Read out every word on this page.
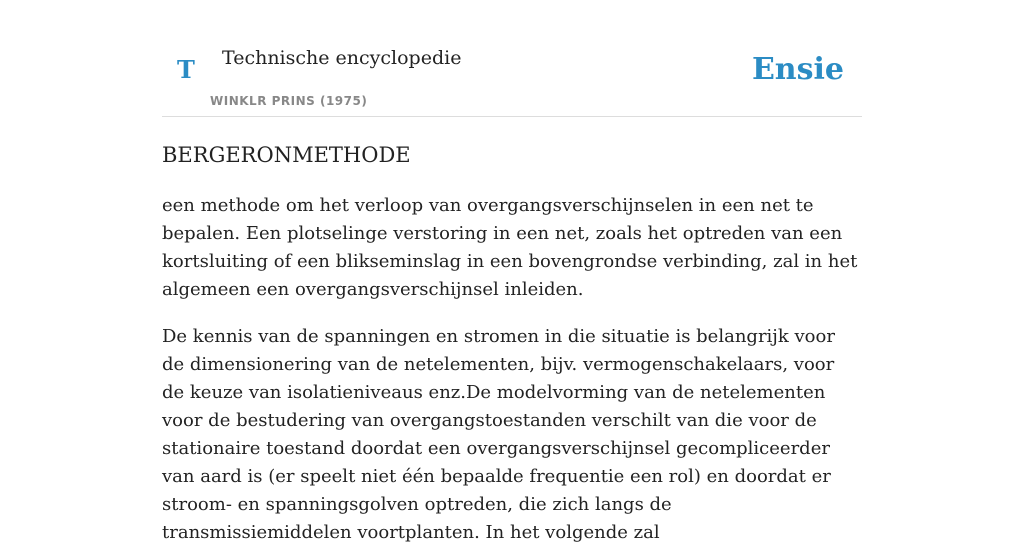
T Technische encyclopedie
WINKLR PRINS (1975)
Ensie
BERGERONMETHODE

een methode om het verloop van overgangsverschijnselen in een net te bepalen. Een plotselinge verstoring in een net, zoals het optreden van een kortsluiting of een blikseminslag in een bovengrondse verbinding, zal in het algemeen een overgangsverschijnsel inleiden.

De kennis van de spanningen en stromen in die situatie is belangrijk voor de dimensionering van de netelementen, bijv. vermogenschakelaars, voor de keuze van isolatieniveaus enz.De modelvorming van de netelementen voor de bestudering van overgangstoestanden verschilt van die voor de stationaire toestand doordat een overgangsverschijnsel gecompliceerder van aard is (er speelt niet één bepaalde frequentie een rol) en doordat er stroom- en spanningsgolven optreden, die zich langs de transmissiemiddelen voortplanten. In het volgende zal
